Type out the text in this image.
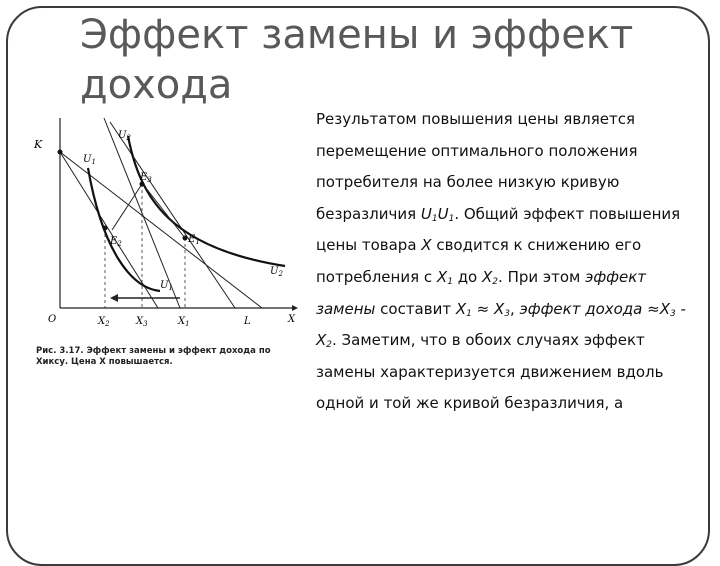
Эффект замены и эффект дохода
K
$U_1$
$U_2$
$E_3$
$E_2$	$E_1$
$U_1$
$U_2$
O	$X_2$	$X_3$	$X_1$	L	X
Рис. 3.17. Эффект замены и эффект дохода по Хиксу. Цена X повышается.
Результатом повышения цены является перемещение оптимального положения потребителя на более низкую кривую безразличия $U_1U_1$. Общий эффект повышения цены товара X сводится к снижению его потребления с $X_1$ до $X_2$. При этом эффект замены составит $X_1 \approx X_3$, эффект дохода $\approx X_3 - X_2$. Заметим, что в обоих случаях эффект замены характеризуется движением вдоль одной и той же кривой безразличия, а
